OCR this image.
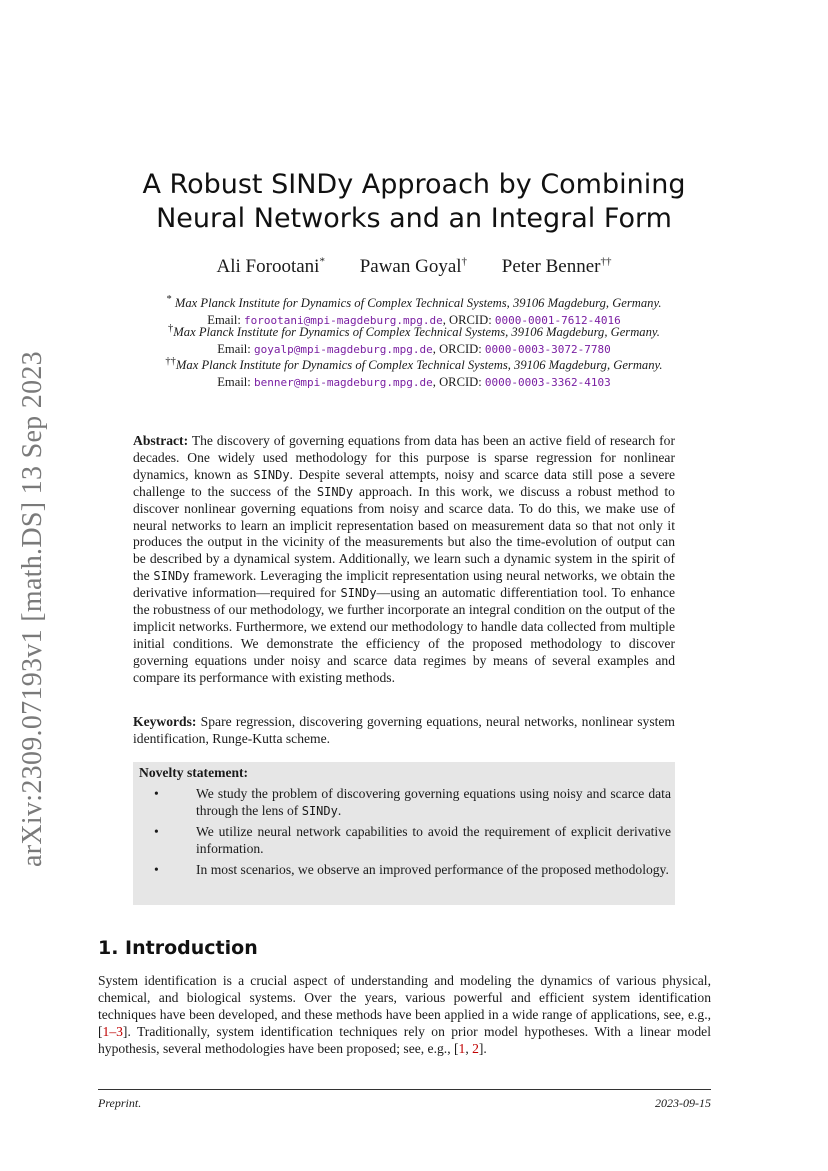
arXiv:2309.07193v1 [math.DS] 13 Sep 2023
A Robust SINDy Approach by Combining
Neural Networks and an Integral Form
Ali Forootani* Pawan Goyal† Peter Benner††
* Max Planck Institute for Dynamics of Complex Technical Systems, 39106 Magdeburg, Germany.
Email: forootani@mpi-magdeburg.mpg.de, ORCID: 0000-0001-7612-4016
†Max Planck Institute for Dynamics of Complex Technical Systems, 39106 Magdeburg, Germany.
Email: goyalp@mpi-magdeburg.mpg.de, ORCID: 0000-0003-3072-7780
††Max Planck Institute for Dynamics of Complex Technical Systems, 39106 Magdeburg, Germany.
Email: benner@mpi-magdeburg.mpg.de, ORCID: 0000-0003-3362-4103
Abstract: The discovery of governing equations from data has been an active field of research for decades. One widely used methodology for this purpose is sparse regression for nonlinear dynamics, known as SINDy. Despite several attempts, noisy and scarce data still pose a severe challenge to the success of the SINDy approach. In this work, we discuss a robust method to discover nonlinear governing equations from noisy and scarce data. To do this, we make use of neural networks to learn an implicit representation based on measurement data so that not only it produces the output in the vicinity of the measurements but also the time-evolution of output can be described by a dynamical system. Additionally, we learn such a dynamic system in the spirit of the SINDy framework. Leveraging the implicit representation using neural networks, we obtain the derivative information—required for SINDy—using an automatic differentiation tool. To enhance the robustness of our methodology, we further incorporate an integral condition on the output of the implicit networks. Furthermore, we extend our methodology to handle data collected from multiple initial conditions. We demonstrate the efficiency of the proposed methodology to discover governing equations under noisy and scarce data regimes by means of several examples and compare its performance with existing methods.
Keywords: Spare regression, discovering governing equations, neural networks, nonlinear system identification, Runge-Kutta scheme.
Novelty statement:
• We study the problem of discovering governing equations using noisy and scarce data through the lens of SINDy.
• We utilize neural network capabilities to avoid the requirement of explicit derivative information.
• In most scenarios, we observe an improved performance of the proposed methodology.
1. Introduction
System identification is a crucial aspect of understanding and modeling the dynamics of various physical, chemical, and biological systems. Over the years, various powerful and efficient system identification techniques have been developed, and these methods have been applied in a wide range of applications, see, e.g., [1–3]. Traditionally, system identification techniques rely on prior model hypotheses. With a linear model hypothesis, several methodologies have been proposed; see, e.g., [1, 2].
Preprint.	2023-09-15
